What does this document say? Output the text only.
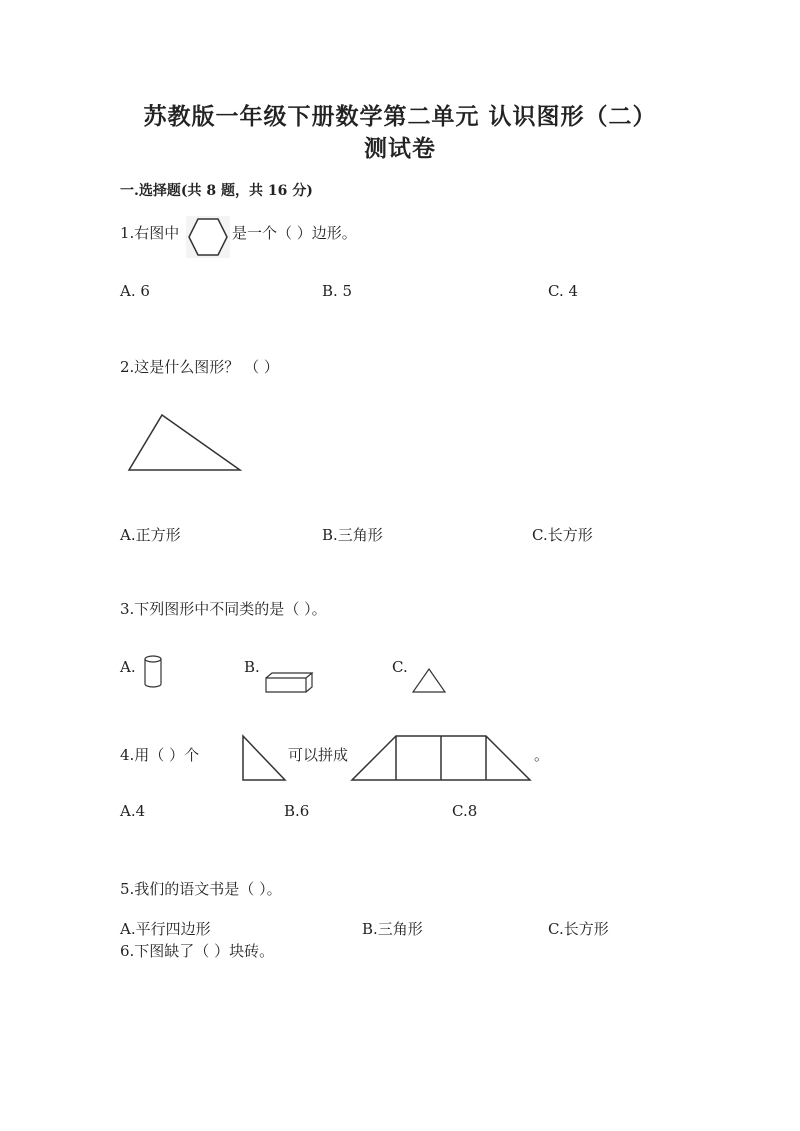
苏教版一年级下册数学第二单元 认识图形（二）
测试卷
一.选择题(共 8 题，共 16 分)
1.右图中	是一个（ ）边形。
A. 6	B. 5	C. 4
2.这是什么图形？ （ ）
A.正方形	B.三角形	C.长方形
3.下列图形中不同类的是（ ）。
A.	B.	C.
4.用（ ）个	可以拼成	。
A.4	B.6	C.8
5.我们的语文书是（ ）。
A.平行四边形	B.三角形	C.长方形
6.下图缺了（ ）块砖。
